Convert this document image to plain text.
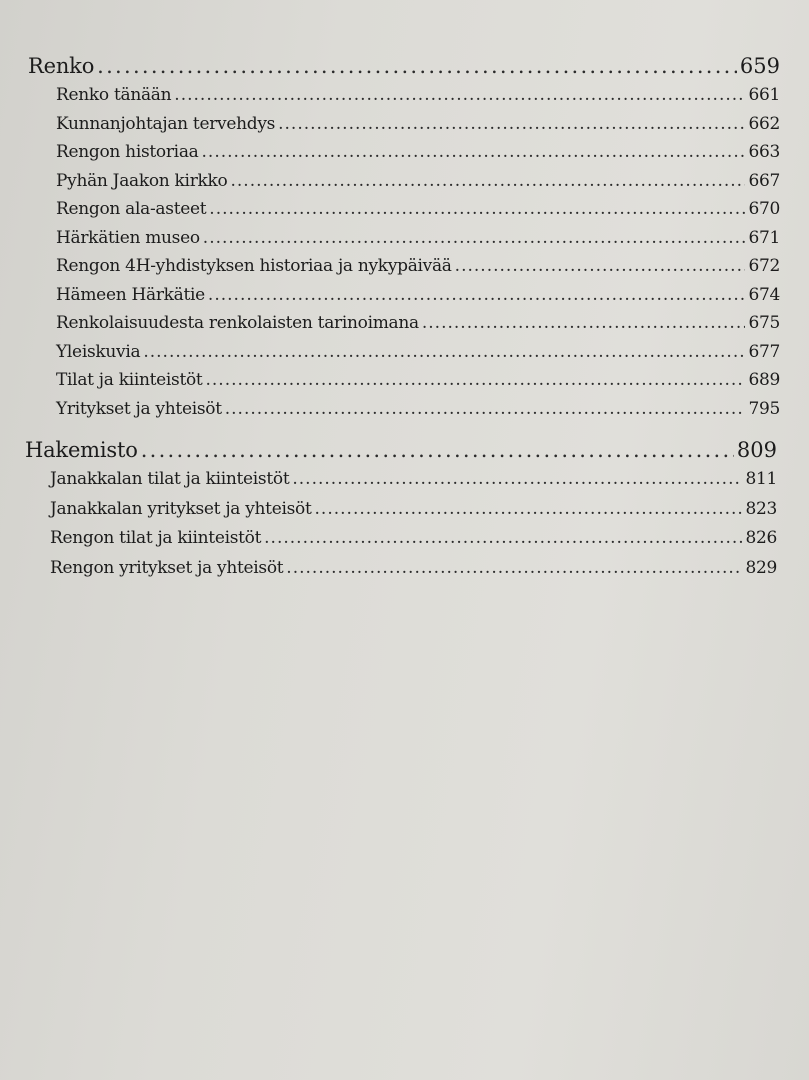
Renko . . .	659
Renko tänään . . .	661
Kunnanjohtajan tervehdys . . .	662
Rengon historiaa . . .	663
Pyhän Jaakon kirkko . . .	667
Rengon ala-asteet . . .	670
Härkätien museo . . .	671
Rengon 4H-yhdistyksen historiaa ja nykypäivää . . .	672
Hämeen Härkätie . . .	674
Renkolaisuudesta renkolaisten tarinoimana . . .	675
Yleiskuvia . . .	677
Tilat ja kiinteistöt . . .	689
Yritykset ja yhteisöt . . .	795
Hakemisto . . .	809
Janakkalan tilat ja kiinteistöt . . .	811
Janakkalan yritykset ja yhteisöt . . .	823
Rengon tilat ja kiinteistöt . . .	826
Rengon yritykset ja yhteisöt . . .	829
